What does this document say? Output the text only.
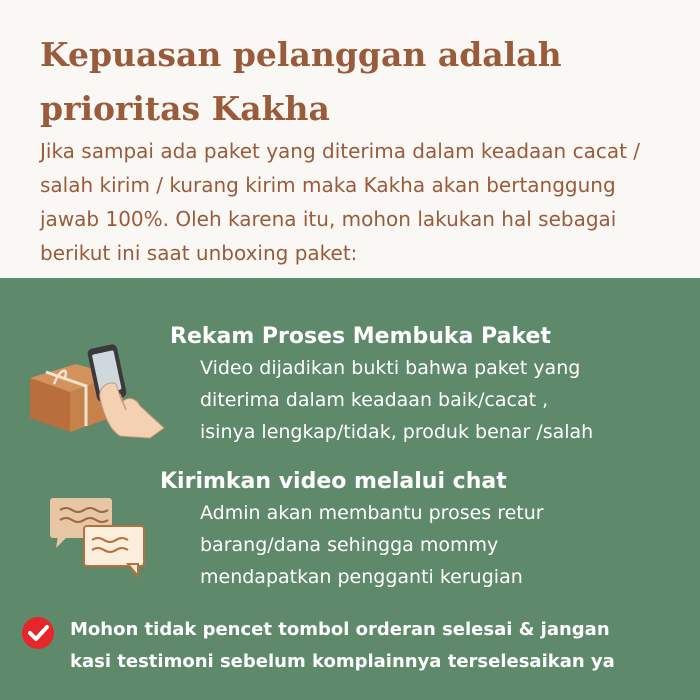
Kepuasan pelanggan adalah prioritas Kakha

Jika sampai ada paket yang diterima dalam keadaan cacat / salah kirim / kurang kirim maka Kakha akan bertanggung jawab 100%. Oleh karena itu, mohon lakukan hal sebagai berikut ini saat unboxing paket:

Rekam Proses Membuka Paket

Video dijadikan bukti bahwa paket yang
diterima dalam keadaan baik/cacat ,
isinya lengkap/tidak, produk benar /salah

Kirimkan video melalui chat

Admin akan membantu proses retur
barang/dana sehingga mommy
mendapatkan pengganti kerugian

Mohon tidak pencet tombol orderan selesai & jangan
kasi testimoni sebelum komplainnya terselesaikan ya
